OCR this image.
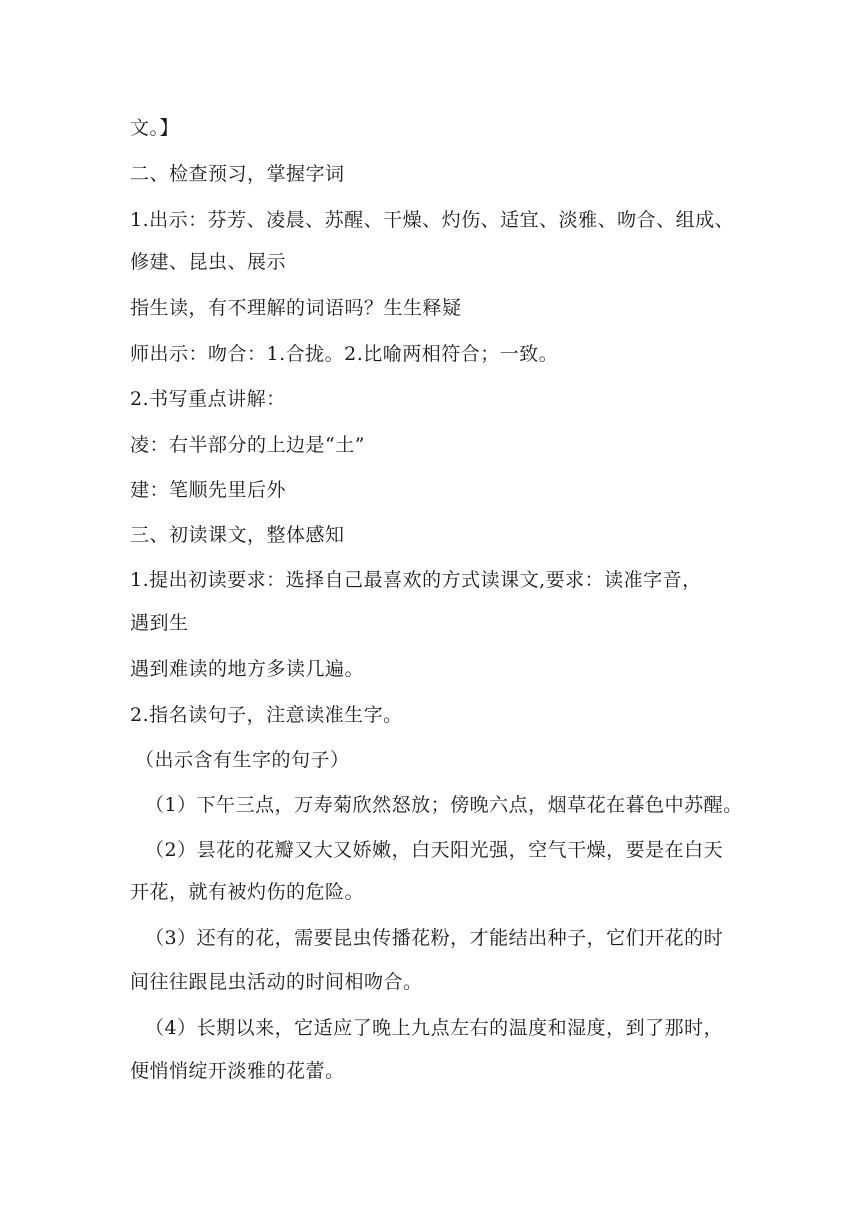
文。】
二、检查预习，掌握字词
1.出示：芬芳、凌晨、苏醒、干燥、灼伤、适宜、淡雅、吻合、组成、
修建、昆虫、展示
指生读，有不理解的词语吗？生生释疑
师出示：吻合：1.合拢。2.比喻两相符合；一致。
2.书写重点讲解：
凌：右半部分的上边是“土”
建：笔顺先里后外
三、初读课文，整体感知
1.提出初读要求：选择自己最喜欢的方式读课文,要求：读准字音，
遇到生
遇到难读的地方多读几遍。
2.指名读句子，注意读准生字。
（出示含有生字的句子）
（1）下午三点，万寿菊欣然怒放；傍晚六点，烟草花在暮色中苏醒。
（2）昙花的花瓣又大又娇嫩，白天阳光强，空气干燥，要是在白天
开花，就有被灼伤的危险。
（3）还有的花，需要昆虫传播花粉，才能结出种子，它们开花的时
间往往跟昆虫活动的时间相吻合。
（4）长期以来，它适应了晚上九点左右的温度和湿度，到了那时，
便悄悄绽开淡雅的花蕾。
